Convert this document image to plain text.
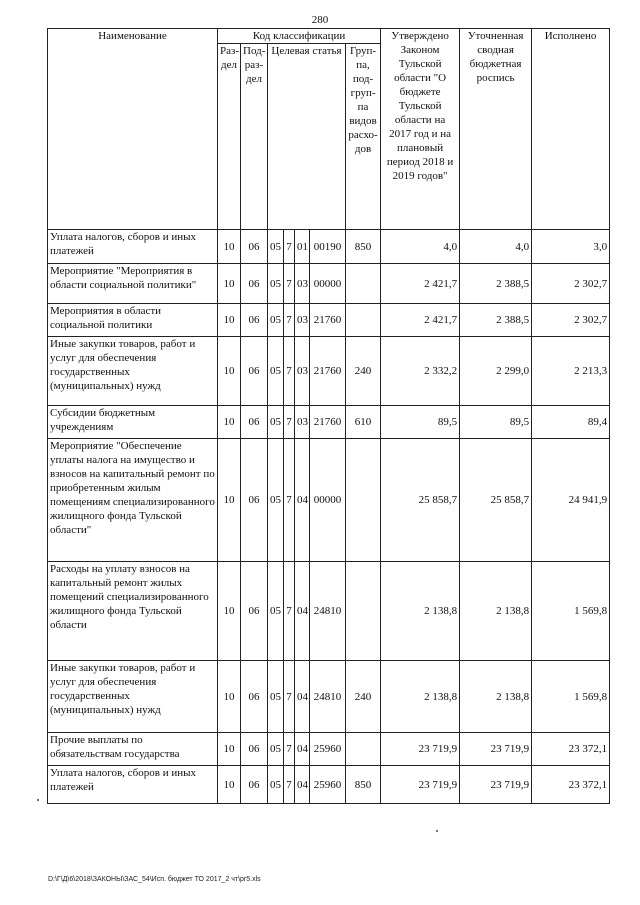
280
Наименование	Код классификации							Утверждено Законом Тульской области "О бюджете Тульской области на 2017 год и на плановый период 2018 и 2019 годов"	Уточненная сводная бюджетная роспись	Исполнено
	Раз-дел	Под-раз-дел	Целевая статья				Груп-па, под-груп-па видов расхо-дов			
Уплата налогов, сборов и иных платежей	10	06	05	7	01	00190	850	4,0	4,0	3,0
Мероприятие "Мероприятия в области социальной политики"	10	06	05	7	03	00000		2 421,7	2 388,5	2 302,7
Мероприятия в области социальной политики	10	06	05	7	03	21760		2 421,7	2 388,5	2 302,7
Иные закупки товаров, работ и услуг для обеспечения государственных (муниципальных) нужд	10	06	05	7	03	21760	240	2 332,2	2 299,0	2 213,3
Субсидии бюджетным учреждениям	10	06	05	7	03	21760	610	89,5	89,5	89,4
Мероприятие "Обеспечение уплаты налога на имущество и взносов на капитальный ремонт по приобретенным жилым помещениям специализированного жилищного фонда Тульской области"	10	06	05	7	04	00000		25 858,7	25 858,7	24 941,9
Расходы на уплату взносов на капитальный ремонт жилых помещений специализированного жилищного фонда Тульской области	10	06	05	7	04	24810		2 138,8	2 138,8	1 569,8
Иные закупки товаров, работ и услуг для обеспечения государственных (муниципальных) нужд	10	06	05	7	04	24810	240	2 138,8	2 138,8	1 569,8
Прочие выплаты по обязательствам государства	10	06	05	7	04	25960		23 719,9	23 719,9	23 372,1
Уплата налогов, сборов и иных платежей	10	06	05	7	04	25960	850	23 719,9	23 719,9	23 372,1
D:\Г\Д\6\2018\ЗАКОНЫ\ЗАС_54\Исп. бюджет ТО 2017_2 чт\pr5.xls
